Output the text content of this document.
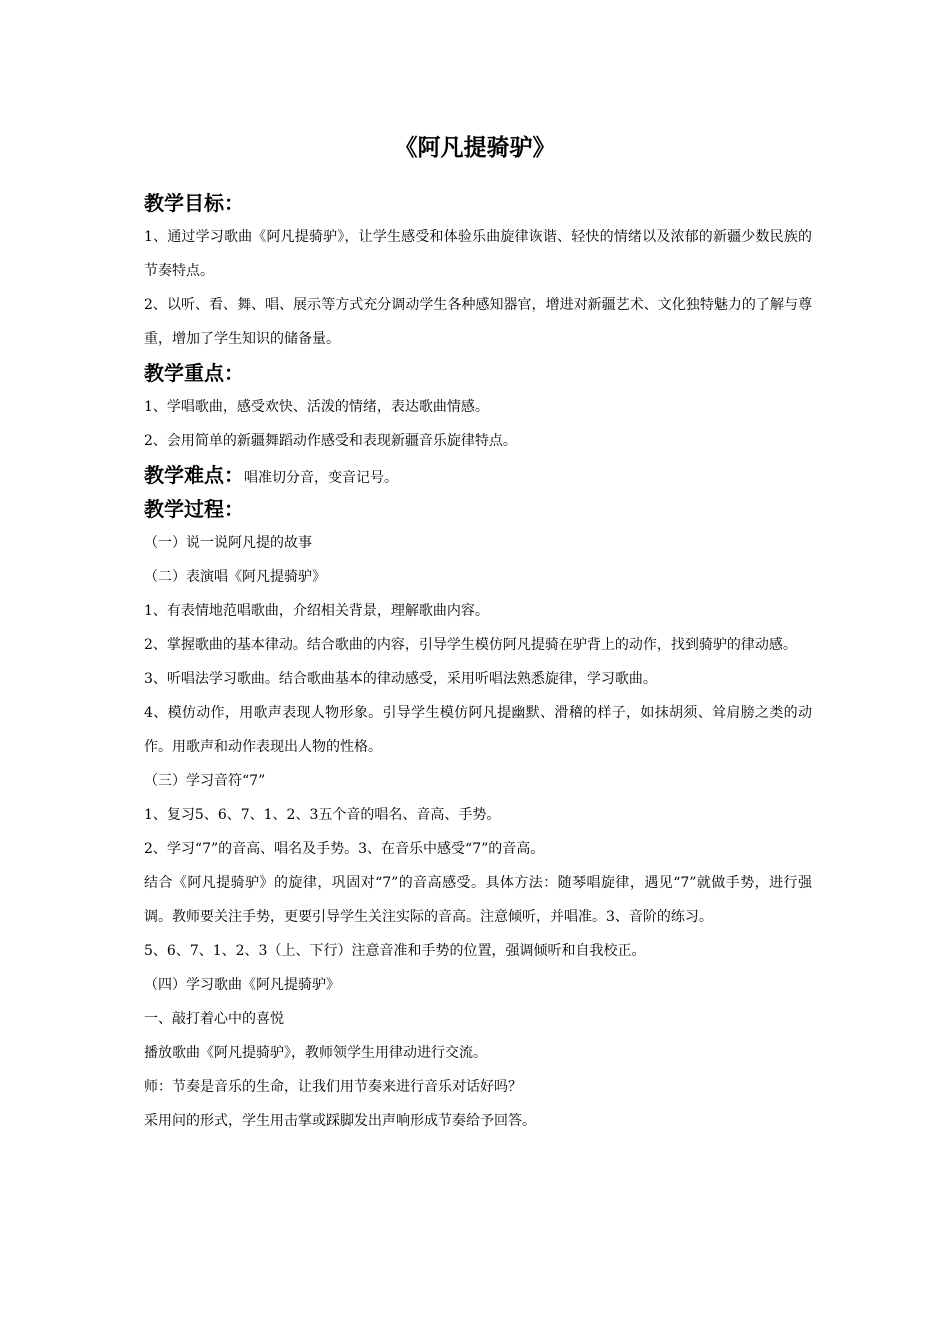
《阿凡提骑驴》

教学目标：

1、通过学习歌曲《阿凡提骑驴》，让学生感受和体验乐曲旋律诙谐、轻快的情绪以及浓郁的新疆少数民族的节奏特点。

2、以听、看、舞、唱、展示等方式充分调动学生各种感知器官，增进对新疆艺术、文化独特魅力的了解与尊重，增加了学生知识的储备量。

教学重点：

1、学唱歌曲，感受欢快、活泼的情绪，表达歌曲情感。

2、会用简单的新疆舞蹈动作感受和表现新疆音乐旋律特点。

教学难点：唱准切分音，变音记号。

教学过程：

（一）说一说阿凡提的故事

（二）表演唱《阿凡提骑驴》

1、有表情地范唱歌曲，介绍相关背景，理解歌曲内容。

2、掌握歌曲的基本律动。结合歌曲的内容，引导学生模仿阿凡提骑在驴背上的动作，找到骑驴的律动感。

3、听唱法学习歌曲。结合歌曲基本的律动感受，采用听唱法熟悉旋律，学习歌曲。

4、模仿动作，用歌声表现人物形象。引导学生模仿阿凡提幽默、滑稽的样子，如抹胡须、耸肩膀之类的动作。用歌声和动作表现出人物的性格。

（三）学习音符“7”

1、复习5、6、7、1、2、3五个音的唱名、音高、手势。

2、学习“7”的音高、唱名及手势。3、在音乐中感受“7”的音高。

结合《阿凡提骑驴》的旋律，巩固对“7”的音高感受。具体方法：随琴唱旋律，遇见“7”就做手势，进行强调。教师要关注手势，更要引导学生关注实际的音高。注意倾听，并唱准。3、音阶的练习。

5、6、7、1、2、3（上、下行）注意音准和手势的位置，强调倾听和自我校正。

（四）学习歌曲《阿凡提骑驴》

一、敲打着心中的喜悦

播放歌曲《阿凡提骑驴》，教师领学生用律动进行交流。

师：节奏是音乐的生命，让我们用节奏来进行音乐对话好吗？

采用问的形式，学生用击掌或踩脚发出声响形成节奏给予回答。
